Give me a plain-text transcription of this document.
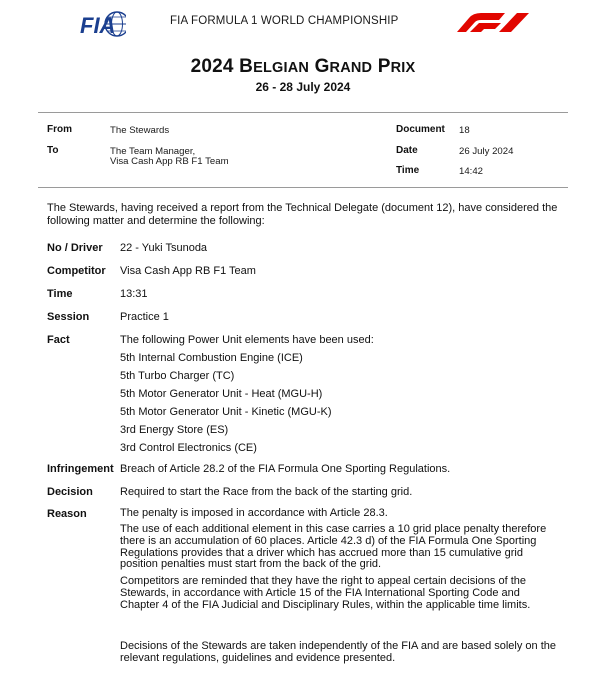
FIA	FIA FORMULA 1 WORLD CHAMPIONSHIP
2024 BELGIAN GRAND PRIX
26 - 28 July 2024
From	The Stewards
To	The Team Manager,
Visa Cash App RB F1 Team
Document 18
Date	26 July 2024
Time	14:42
The Stewards, having received a report from the Technical Delegate (document 12), have considered the following matter and determine the following:
No / Driver 22 - Yuki Tsunoda
Competitor Visa Cash App RB F1 Team
Time	13:31
Session	Practice 1
Fact	The following Power Unit elements have been used:
5th Internal Combustion Engine (ICE)
5th Turbo Charger (TC)
5th Motor Generator Unit - Heat (MGU-H)
5th Motor Generator Unit - Kinetic (MGU-K)
3rd Energy Store (ES)
3rd Control Electronics (CE)
Infringement Breach of Article 28.2 of the FIA Formula One Sporting Regulations.
Decision Required to start the Race from the back of the starting grid.
Reason	The penalty is imposed in accordance with Article 28.3.
The use of each additional element in this case carries a 10 grid place penalty therefore there is an accumulation of 60 places. Article 42.3 d) of the FIA Formula One Sporting Regulations provides that a driver which has accrued more than 15 cumulative grid position penalties must start from the back of the grid.
Competitors are reminded that they have the right to appeal certain decisions of the Stewards, in accordance with Article 15 of the FIA International Sporting Code and Chapter 4 of the FIA Judicial and Disciplinary Rules, within the applicable time limits.
Decisions of the Stewards are taken independently of the FIA and are based solely on the relevant regulations, guidelines and evidence presented.
